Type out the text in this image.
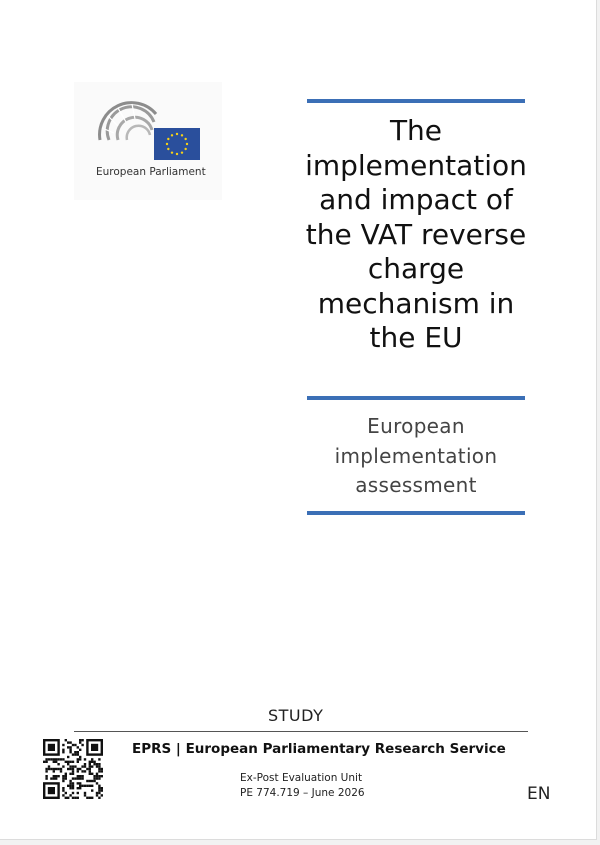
European Parliament
The implementation and impact of the VAT reverse charge mechanism in the EU
European implementation assessment
STUDY
EPRS | European Parliamentary Research Service
Ex-Post Evaluation Unit
PE 774.719 – June 2026	EN
